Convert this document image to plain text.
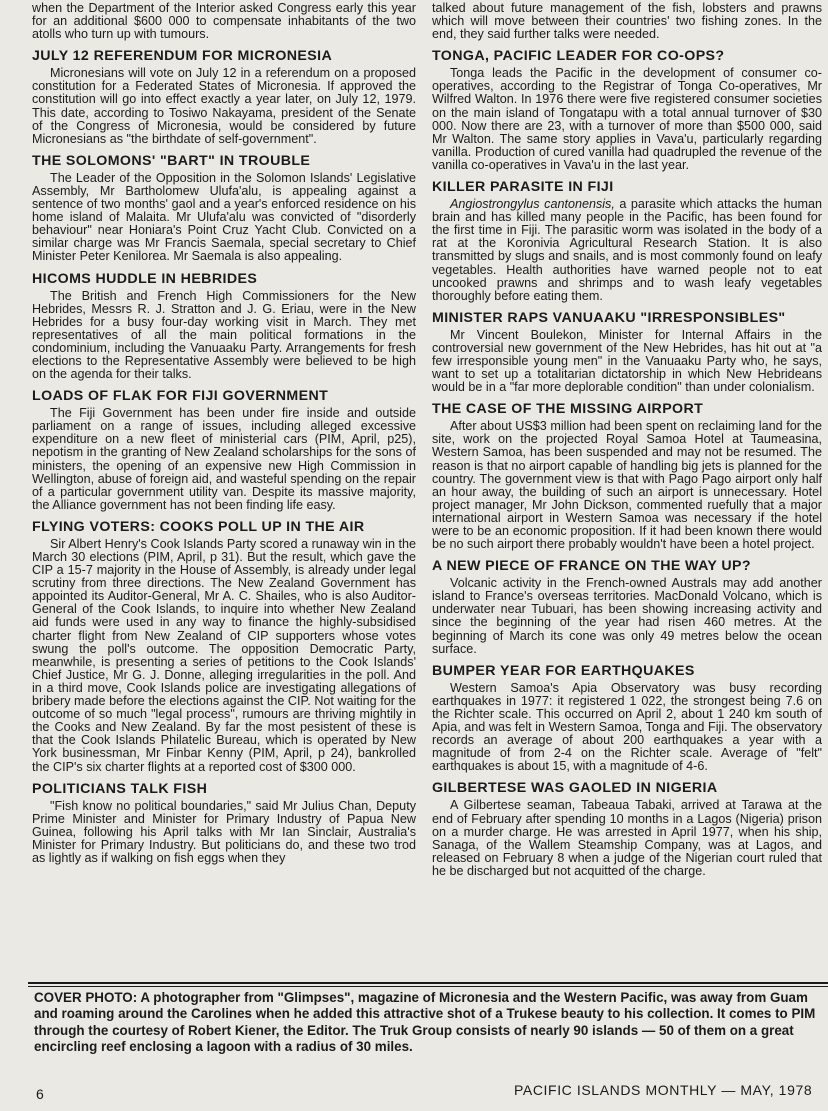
when the Department of the Interior asked Congress early this year for an additional $600 000 to compensate inhabitants of the two atolls who turn up with tumours.

JULY 12 REFERENDUM FOR MICRONESIA

Micronesians will vote on July 12 in a referendum on a proposed constitution for a Federated States of Micronesia. If approved the constitution will go into effect exactly a year later, on July 12, 1979. This date, according to Tosiwo Nakayama, president of the Senate of the Congress of Micronesia, would be considered by future Micronesians as "the birthdate of self-government".

THE SOLOMONS' "BART" IN TROUBLE

The Leader of the Opposition in the Solomon Islands' Legislative Assembly, Mr Bartholomew Ulufa'alu, is appealing against a sentence of two months' gaol and a year's enforced residence on his home island of Malaita. Mr Ulufa'alu was convicted of "disorderly behaviour" near Honiara's Point Cruz Yacht Club. Convicted on a similar charge was Mr Francis Saemala, special secretary to Chief Minister Peter Kenilorea. Mr Saemala is also appealing.

HICOMS HUDDLE IN HEBRIDES

The British and French High Commissioners for the New Hebrides, Messrs R. J. Stratton and J. G. Eriau, were in the New Hebrides for a busy four-day working visit in March. They met representatives of all the main political formations in the condominium, including the Vanuaaku Party. Arrangements for fresh elections to the Representative Assembly were believed to be high on the agenda for their talks.

LOADS OF FLAK FOR FIJI GOVERNMENT

The Fiji Government has been under fire inside and outside parliament on a range of issues, including alleged excessive expenditure on a new fleet of ministerial cars (PIM, April, p25), nepotism in the granting of New Zealand scholarships for the sons of ministers, the opening of an expensive new High Commission in Wellington, abuse of foreign aid, and wasteful spending on the repair of a particular government utility van. Despite its massive majority, the Alliance government has not been finding life easy.

FLYING VOTERS: COOKS POLL UP IN THE AIR

Sir Albert Henry's Cook Islands Party scored a runaway win in the March 30 elections (PIM, April, p 31). But the result, which gave the CIP a 15-7 majority in the House of Assembly, is already under legal scrutiny from three directions. The New Zealand Government has appointed its Auditor-General, Mr A. C. Shailes, who is also Auditor-General of the Cook Islands, to inquire into whether New Zealand aid funds were used in any way to finance the highly-subsidised charter flight from New Zealand of CIP supporters whose votes swung the poll's outcome. The opposition Democratic Party, meanwhile, is presenting a series of petitions to the Cook Islands' Chief Justice, Mr G. J. Donne, alleging irregularities in the poll. And in a third move, Cook Islands police are investigating allegations of bribery made before the elections against the CIP. Not waiting for the outcome of so much "legal process", rumours are thriving mightily in the Cooks and New Zealand. By far the most pesistent of these is that the Cook Islands Philatelic Bureau, which is operated by New York businessman, Mr Finbar Kenny (PIM, April, p 24), bankrolled the CIP's six charter flights at a reported cost of $300 000.

POLITICIANS TALK FISH

"Fish know no political boundaries," said Mr Julius Chan, Deputy Prime Minister and Minister for Primary Industry of Papua New Guinea, following his April talks with Mr Ian Sinclair, Australia's Minister for Primary Industry. But politicians do, and these two trod as lightly as if walking on fish eggs when they

talked about future management of the fish, lobsters and prawns which will move between their countries' two fishing zones. In the end, they said further talks were needed.

TONGA, PACIFIC LEADER FOR CO-OPS?

Tonga leads the Pacific in the development of consumer co-operatives, according to the Registrar of Tonga Co-operatives, Mr Wilfred Walton. In 1976 there were five registered consumer societies on the main island of Tongatapu with a total annual turnover of $30 000. Now there are 23, with a turnover of more than $500 000, said Mr Walton. The same story applies in Vava'u, particularly regarding vanilla. Production of cured vanilla had quadrupled the revenue of the vanilla co-operatives in Vava'u in the last year.

KILLER PARASITE IN FIJI

Angiostrongylus cantonensis, a parasite which attacks the human brain and has killed many people in the Pacific, has been found for the first time in Fiji. The parasitic worm was isolated in the body of a rat at the Koronivia Agricultural Research Station. It is also transmitted by slugs and snails, and is most commonly found on leafy vegetables. Health authorities have warned people not to eat uncooked prawns and shrimps and to wash leafy vegetables thoroughly before eating them.

MINISTER RAPS VANUAAKU "IRRESPONSIBLES"

Mr Vincent Boulekon, Minister for Internal Affairs in the controversial new government of the New Hebrides, has hit out at "a few irresponsible young men" in the Vanuaaku Party who, he says, want to set up a totalitarian dictatorship in which New Hebrideans would be in a "far more deplorable condition" than under colonialism.

THE CASE OF THE MISSING AIRPORT

After about US$3 million had been spent on reclaiming land for the site, work on the projected Royal Samoa Hotel at Taumeasina, Western Samoa, has been suspended and may not be resumed. The reason is that no airport capable of handling big jets is planned for the country. The government view is that with Pago Pago airport only half an hour away, the building of such an airport is unnecessary. Hotel project manager, Mr John Dickson, commented ruefully that a major international airport in Western Samoa was necessary if the hotel were to be an economic proposition. If it had been known there would be no such airport there probably wouldn't have been a hotel project.

A NEW PIECE OF FRANCE ON THE WAY UP?

Volcanic activity in the French-owned Australs may add another island to France's overseas territories. MacDonald Volcano, which is underwater near Tubuari, has been showing increasing activity and since the beginning of the year had risen 460 metres. At the beginning of March its cone was only 49 metres below the ocean surface.

BUMPER YEAR FOR EARTHQUAKES

Western Samoa's Apia Observatory was busy recording earthquakes in 1977: it registered 1 022, the strongest being 7.6 on the Richter scale. This occurred on April 2, about 1 240 km south of Apia, and was felt in Western Samoa, Tonga and Fiji. The observatory records an average of about 200 earthquakes a year with a magnitude of from 2-4 on the Richter scale. Average of "felt" earthquakes is about 15, with a magnitude of 4-6.

GILBERTESE WAS GAOLED IN NIGERIA

A Gilbertese seaman, Tabeaua Tabaki, arrived at Tarawa at the end of February after spending 10 months in a Lagos (Nigeria) prison on a murder charge. He was arrested in April 1977, when his ship, Sanaga, of the Wallem Steamship Company, was at Lagos, and released on February 8 when a judge of the Nigerian court ruled that he be discharged but not acquitted of the charge.

COVER PHOTO: A photographer from "Glimpses", magazine of Micronesia and the Western Pacific, was away from Guam and roaming around the Carolines when he added this attractive shot of a Trukese beauty to his collection. It comes to PIM through the courtesy of Robert Kiener, the Editor. The Truk Group consists of nearly 90 islands — 50 of them on a great encircling reef enclosing a lagoon with a radius of 30 miles.

6	PACIFIC ISLANDS MONTHLY — MAY, 1978
